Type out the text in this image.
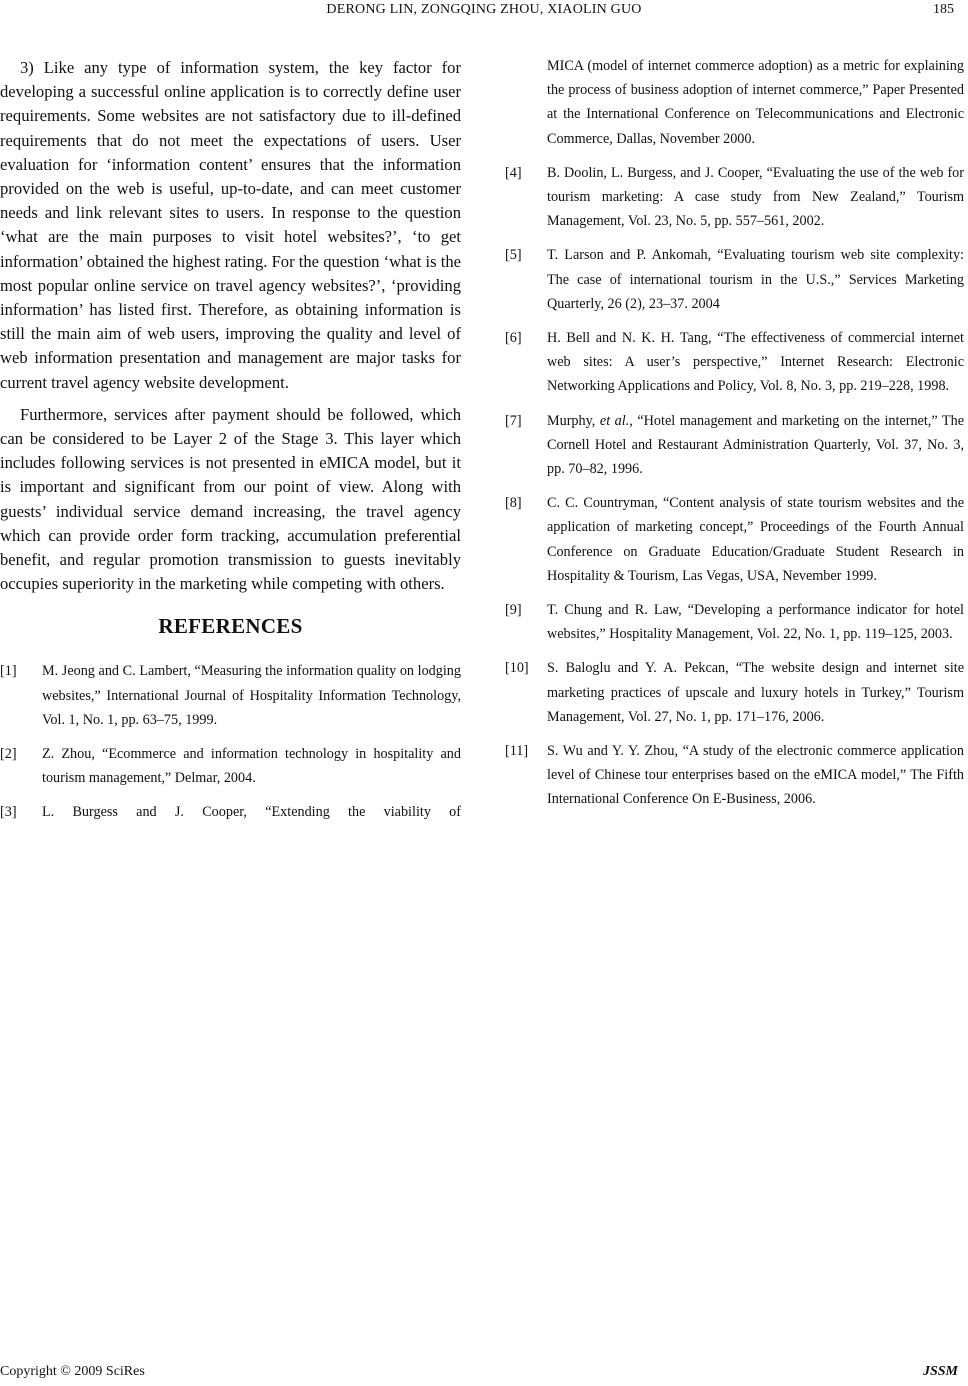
DERONG LIN, ZONGQING ZHOU, XIAOLIN GUO	185

3) Like any type of information system, the key factor for developing a successful online application is to correctly define user requirements. Some websites are not satisfactory due to ill-defined requirements that do not meet the expectations of users. User evaluation for ‘information content’ ensures that the information provided on the web is useful, up-to-date, and can meet customer needs and link relevant sites to users. In response to the question ‘what are the main purposes to visit hotel websites?’, ‘to get information’ obtained the highest rating. For the question ‘what is the most popular online service on travel agency websites?’, ‘providing information’ has listed first. Therefore, as obtaining information is still the main aim of web users, improving the quality and level of web information presentation and management are major tasks for current travel agency website development.

Furthermore, services after payment should be followed, which can be considered to be Layer 2 of the Stage 3. This layer which includes following services is not presented in eMICA model, but it is important and significant from our point of view. Along with guests’ individual service demand increasing, the travel agency which can provide order form tracking, accumulation preferential benefit, and regular promotion transmission to guests inevitably occupies superiority in the marketing while competing with others.

REFERENCES
[1]	M. Jeong and C. Lambert, “Measuring the information quality on lodging websites,” International Journal of Hospitality Information Technology, Vol. 1, No. 1, pp. 63–75, 1999.
[2]	Z. Zhou, “Ecommerce and information technology in hospitality and tourism management,” Delmar, 2004.
[3]	L. Burgess and J. Cooper, “Extending the viability of
MICA (model of internet commerce adoption) as a metric for explaining the process of business adoption of internet commerce,” Paper Presented at the International Conference on Telecommunications and Electronic Commerce, Dallas, November 2000.
[4]	B. Doolin, L. Burgess, and J. Cooper, “Evaluating the use of the web for tourism marketing: A case study from New Zealand,” Tourism Management, Vol. 23, No. 5, pp. 557–561, 2002.
[5]	T. Larson and P. Ankomah, “Evaluating tourism web site complexity: The case of international tourism in the U.S.,” Services Marketing Quarterly, 26 (2), 23–37. 2004
[6]	H. Bell and N. K. H. Tang, “The effectiveness of commercial internet web sites: A user’s perspective,” Internet Research: Electronic Networking Applications and Policy, Vol. 8, No. 3, pp. 219–228, 1998.
[7]	Murphy, et al., “Hotel management and marketing on the internet,” The Cornell Hotel and Restaurant Administration Quarterly, Vol. 37, No. 3, pp. 70–82, 1996.
[8]	C. C. Countryman, “Content analysis of state tourism websites and the application of marketing concept,” Proceedings of the Fourth Annual Conference on Graduate Education/Graduate Student Research in Hospitality & Tourism, Las Vegas, USA, Nevember 1999.
[9]	T. Chung and R. Law, “Developing a performance indicator for hotel websites,” Hospitality Management, Vol. 22, No. 1, pp. 119–125, 2003.
[10]	S. Baloglu and Y. A. Pekcan, “The website design and internet site marketing practices of upscale and luxury hotels in Turkey,” Tourism Management, Vol. 27, No. 1, pp. 171–176, 2006.
[11]	S. Wu and Y. Y. Zhou, “A study of the electronic commerce application level of Chinese tour enterprises based on the eMICA model,” The Fifth International Conference On E-Business, 2006.
Copyright © 2009 SciRes	JSSM
